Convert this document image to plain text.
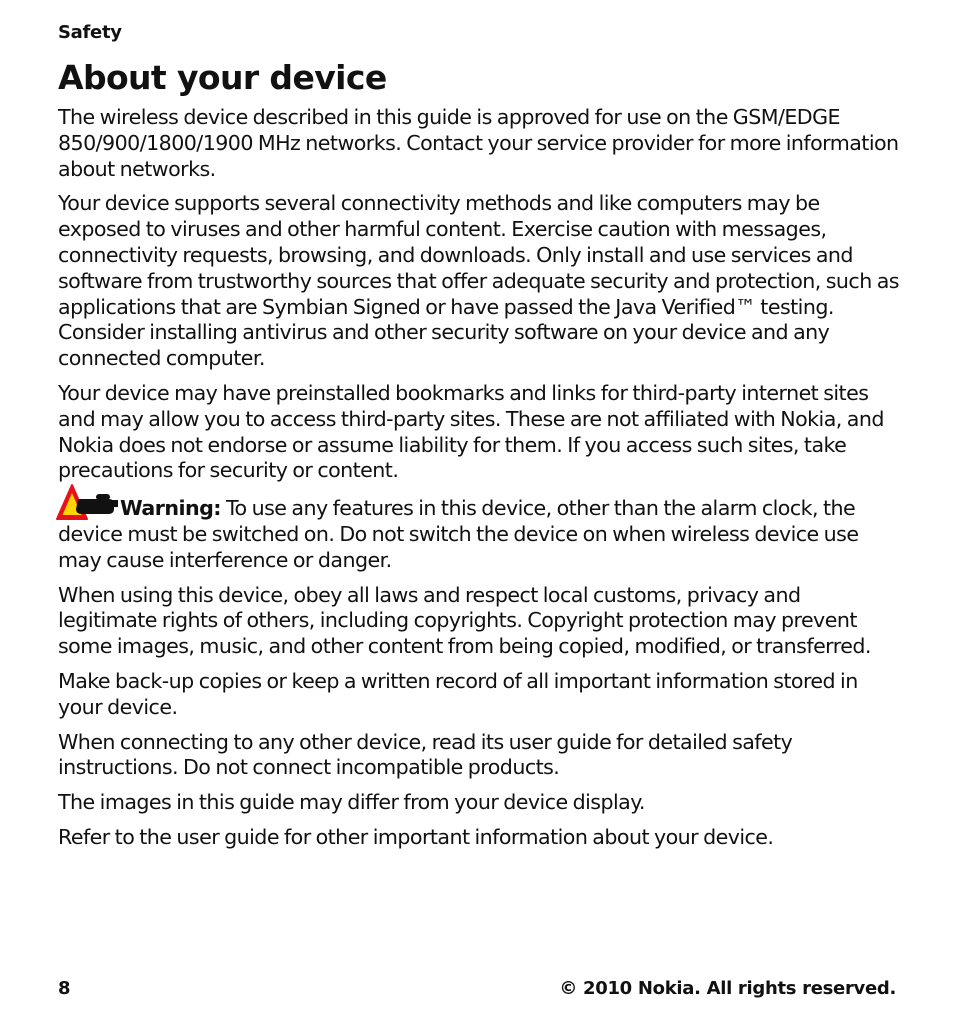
Safety

About your device

The wireless device described in this guide is approved for use on the GSM/EDGE 850/900/1800/1900 MHz networks. Contact your service provider for more information about networks.

Your device supports several connectivity methods and like computers may be exposed to viruses and other harmful content. Exercise caution with messages, connectivity requests, browsing, and downloads. Only install and use services and software from trustworthy sources that offer adequate security and protection, such as applications that are Symbian Signed or have passed the Java Verified™ testing. Consider installing antivirus and other security software on your device and any connected computer.

Your device may have preinstalled bookmarks and links for third-party internet sites and may allow you to access third-party sites. These are not affiliated with Nokia, and Nokia does not endorse or assume liability for them. If you access such sites, take precautions for security or content.

Warning: To use any features in this device, other than the alarm clock, the device must be switched on. Do not switch the device on when wireless device use may cause interference or danger.

When using this device, obey all laws and respect local customs, privacy and legitimate rights of others, including copyrights. Copyright protection may prevent some images, music, and other content from being copied, modified, or transferred.

Make back-up copies or keep a written record of all important information stored in your device.

When connecting to any other device, read its user guide for detailed safety instructions. Do not connect incompatible products.

The images in this guide may differ from your device display.

Refer to the user guide for other important information about your device.

8	© 2010 Nokia. All rights reserved.
